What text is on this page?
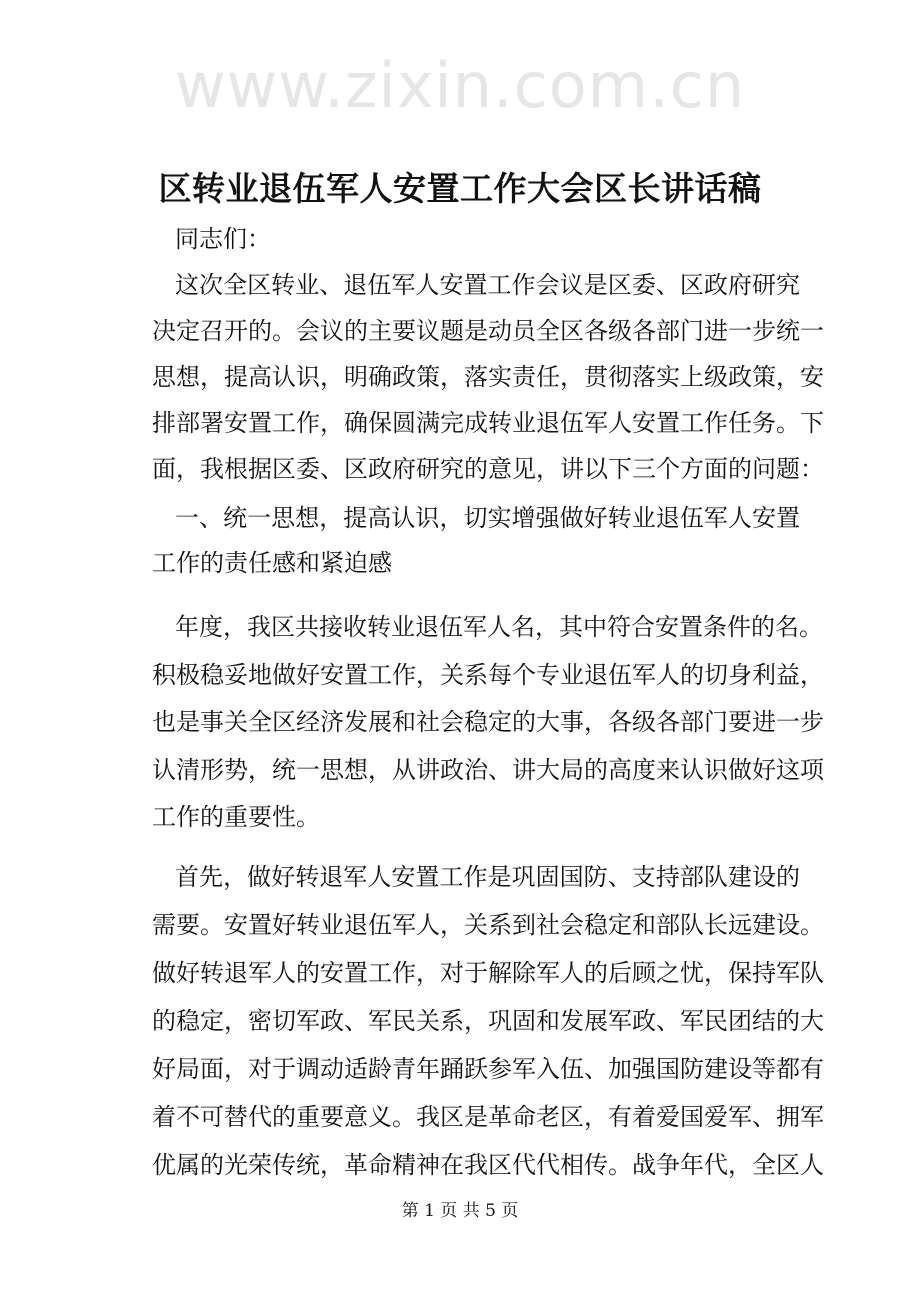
www.zixin.com.cn
区转业退伍军人安置工作大会区长讲话稿
同志们：
这次全区转业、退伍军人安置工作会议是区委、区政府研究
决定召开的。会议的主要议题是动员全区各级各部门进一步统一
思想，提高认识，明确政策，落实责任，贯彻落实上级政策，安
排部署安置工作，确保圆满完成转业退伍军人安置工作任务。下
面，我根据区委、区政府研究的意见，讲以下三个方面的问题：
一、统一思想，提高认识，切实增强做好转业退伍军人安置
工作的责任感和紧迫感
年度，我区共接收转业退伍军人名，其中符合安置条件的名。
积极稳妥地做好安置工作，关系每个专业退伍军人的切身利益，
也是事关全区经济发展和社会稳定的大事，各级各部门要进一步
认清形势，统一思想，从讲政治、讲大局的高度来认识做好这项
工作的重要性。
首先，做好转退军人安置工作是巩固国防、支持部队建设的
需要。安置好转业退伍军人，关系到社会稳定和部队长远建设。
做好转退军人的安置工作，对于解除军人的后顾之忧，保持军队
的稳定，密切军政、军民关系，巩固和发展军政、军民团结的大
好局面，对于调动适龄青年踊跃参军入伍、加强国防建设等都有
着不可替代的重要意义。我区是革命老区，有着爱国爱军、拥军
优属的光荣传统，革命精神在我区代代相传。战争年代，全区人
第 1 页 共 5 页
